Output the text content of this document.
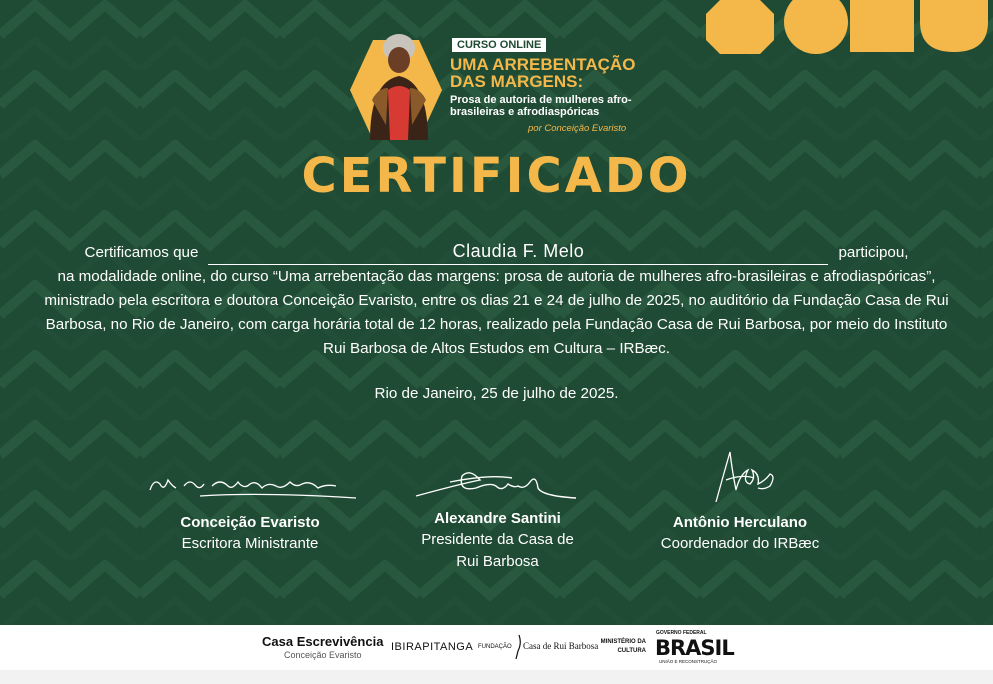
CURSO ONLINE
UMA ARREBENTAÇÃO DAS MARGENS:
Prosa de autoria de mulheres afro-brasileiras e afrodiaspóricas
por Conceição Evaristo
CERTIFICADO
Certificamos que	Claudia F. Melo	participou,
na modalidade online, do curso “Uma arrebentação das margens: prosa de autoria de mulheres afro-brasileiras e afrodiaspóricas”, ministrado pela escritora e doutora Conceição Evaristo, entre os dias 21 e 24 de julho de 2025, no auditório da Fundação Casa de Rui Barbosa, no Rio de Janeiro, com carga horária total de 12 horas, realizado pela Fundação Casa de Rui Barbosa, por meio do Instituto Rui Barbosa de Altos Estudos em Cultura – IRBæc.
Rio de Janeiro, 25 de julho de 2025.
Conceição Evaristo
Escritora Ministrante
Alexandre Santini
Presidente da Casa de Rui Barbosa
Antônio Herculano
Coordenador do IRBæc
Casa Escrevivência
Conceição Evaristo
IBIRAPITANGA FUNDAÇÃO Casa de Rui Barbosa MINISTÉRIO DA CULTURA
GOVERNO FEDERAL
BRASIL
UNIÃO E RECONSTRUÇÃO
